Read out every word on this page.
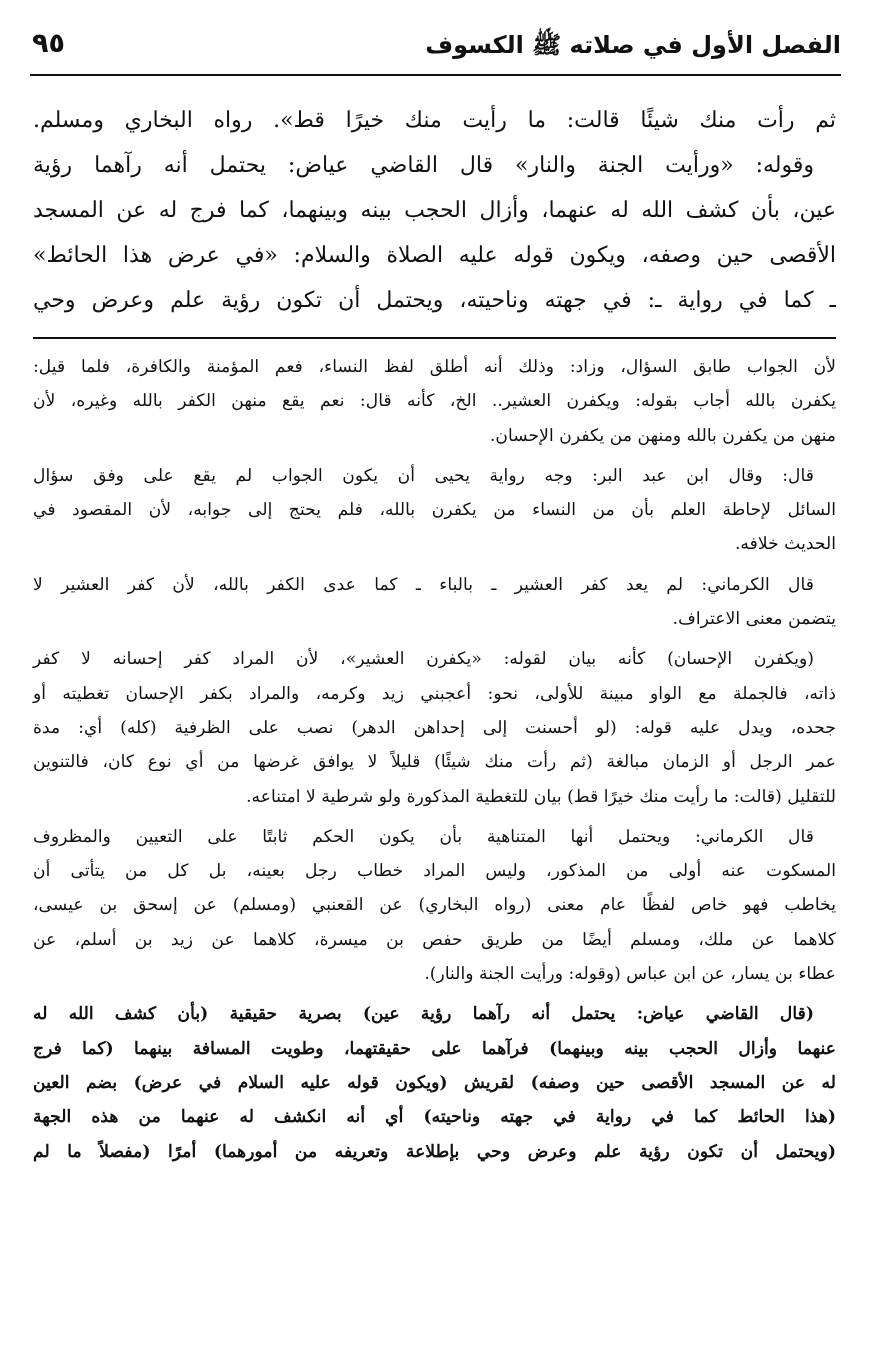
٩٥	الفصل الأول في صلاته ﷺ الكسوف

ثم رأت منك شيئًا قالت: ما رأيت منك خيرًا قط». رواه البخاري ومسلم.

وقوله: «ورأيت الجنة والنار» قال القاضي عياض: يحتمل أنه رآهما رؤية

عين، بأن كشف الله له عنهما، وأزال الحجب بينه وبينهما، كما فرج له عن المسجد

الأقصى حين وصفه، ويكون قوله عليه الصلاة والسلام: «في عرض هذا الحائط»

ـ كما في رواية ـ: في جهته وناحيته، ويحتمل أن تكون رؤية علم وعرض وحي

لأن الجواب طابق السؤال، وزاد: وذلك أنه أطلق لفظ النساء، فعم المؤمنة والكافرة، فلما قيل:

يكفرن بالله أجاب بقوله: ويكفرن العشير.. الخ، كأنه قال: نعم يقع منهن الكفر بالله وغيره، لأن

منهن من يكفرن بالله ومنهن من يكفرن الإحسان.

قال: وقال ابن عبد البر: وجه رواية يحيى أن يكون الجواب لم يقع على وفق سؤال

السائل لإحاطة العلم بأن من النساء من يكفرن بالله، فلم يحتج إلى جوابه، لأن المقصود في

الحديث خلافه.

قال الكرماني: لم يعد كفر العشير ـ بالباء ـ كما عدى الكفر بالله، لأن كفر العشير لا

يتضمن معنى الاعتراف.

(ويكفرن الإحسان) كأنه بيان لقوله: «يكفرن العشير»، لأن المراد كفر إحسانه لا كفر

ذاته، فالجملة مع الواو مبينة للأولى، نحو: أعجبني زيد وكرمه، والمراد بكفر الإحسان تغطيته أو

جحده، ويدل عليه قوله: (لو أحسنت إلى إحداهن الدهر) نصب على الظرفية (كله) أي: مدة

عمر الرجل أو الزمان مبالغة (ثم رأت منك شيئًا) قليلاً لا يوافق غرضها من أي نوع كان، فالتنوين

للتقليل (قالت: ما رأيت منك خيرًا قط) بيان للتغطية المذكورة ولو شرطية لا امتناعه.

قال الكرماني: ويحتمل أنها المتناهية بأن يكون الحكم ثابتًا على التعيين والمظروف

المسكوت عنه أولى من المذكور، وليس المراد خطاب رجل بعينه، بل كل من يتأتى أن

يخاطب فهو خاص لفظًا عام معنى (رواه البخاري) عن القعنبي (ومسلم) عن إسحق بن عيسى،

كلاهما عن ملك، ومسلم أيضًا من طريق حفص بن ميسرة، كلاهما عن زيد بن أسلم، عن

عطاء بن يسار، عن ابن عباس (وقوله: ورأيت الجنة والنار).

(قال القاضي عياض: يحتمل أنه رآهما رؤية عين) بصرية حقيقية (بأن كشف الله له

عنهما وأزال الحجب بينه وبينهما) فرآهما على حقيقتهما، وطويت المسافة بينهما (كما فرج

له عن المسجد الأقصى حين وصفه) لقريش (ويكون قوله عليه السلام في عرض) بضم العين

(هذا الحائط كما في رواية في جهته وناحيته) أي أنه انكشف له عنهما من هذه الجهة

(ويحتمل أن تكون رؤية علم وعرض وحي بإطلاعة وتعريفه من أمورهما) أمرًا (مفصلاً ما لم
